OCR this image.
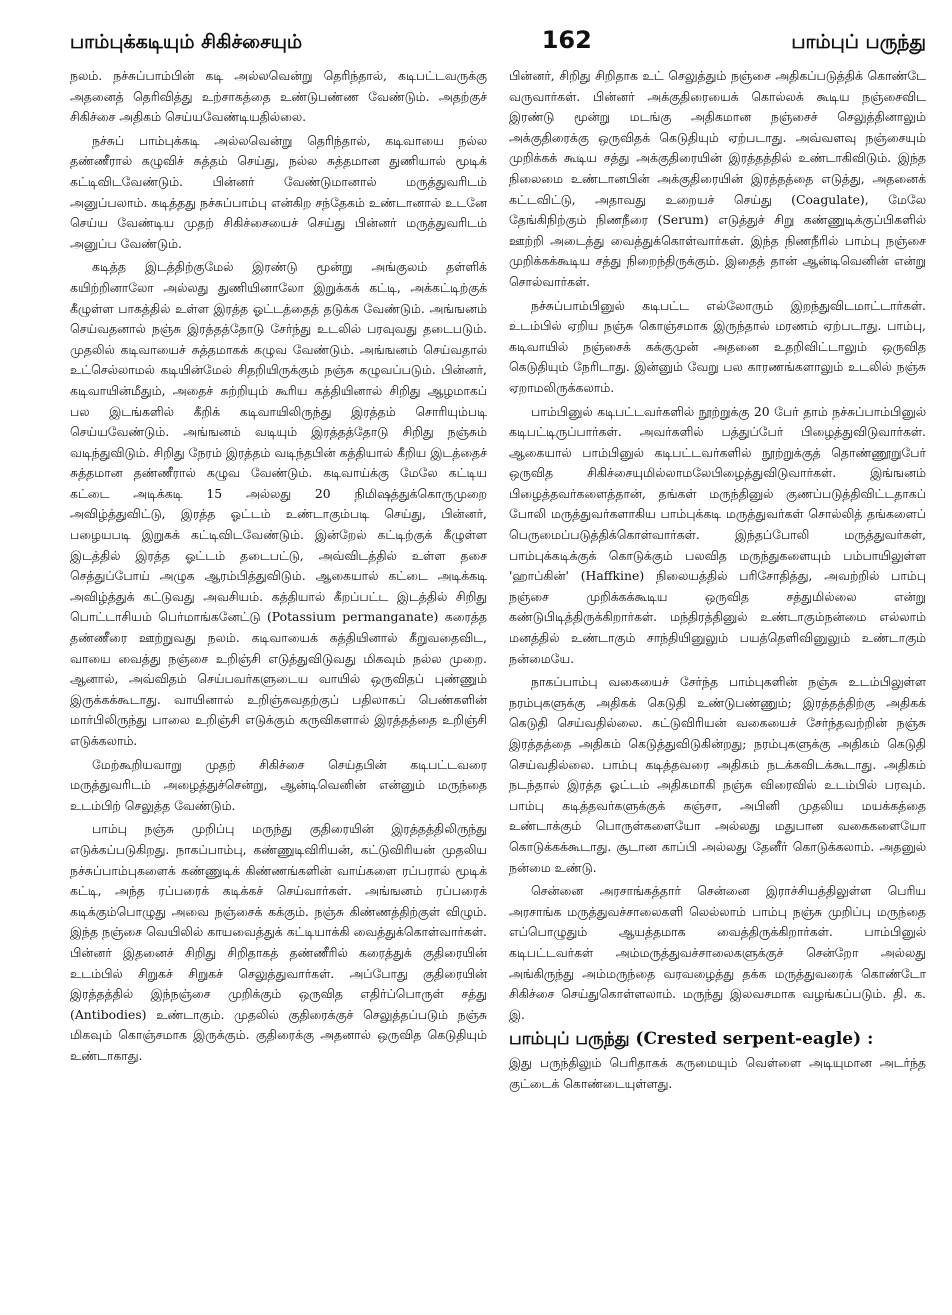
பாம்புக்கடியும் சிகிச்சையும்	162	பாம்புப் பருந்து

நலம். நச்சுப்பாம்பின் கடி அல்லவென்று தெரிந்தால், கடிபட்டவருக்கு அதனைத் தெரிவித்து உற்சாகத்தை உண்டுபண்ண வேண்டும். அதற்குச் சிகிச்சை அதிகம் செய்யவேண்டியதில்லை.

நச்சுப் பாம்புக்கடி அல்லவென்று தெரிந்தால், கடிவாயை நல்ல தண்ணீரால் கழுவிச் சுத்தம் செய்து, நல்ல சுத்தமான துணியால் மூடிக் கட்டிவிடவேண்டும். பின்னர் வேண்டுமானால் மருத்துவரிடம் அனுப்பலாம். கடித்தது நச்சுப்பாம்பு என்கிற சந்தேகம் உண்டானால் உடனே செய்ய வேண்டிய முதற் சிகிச்சையைச் செய்து பின்னர் மருத்துவரிடம் அனுப்ப வேண்டும்.

கடித்த இடத்திற்குமேல் இரண்டு மூன்று அங்குலம் தள்ளிக் கயிற்றினாலோ அல்லது துணியினாலோ இறுக்கக் கட்டி, அக்கட்டிற்குக் கீழுள்ள பாகத்தில் உள்ள இரத்த ஓட்டத்தைத் தடுக்க வேண்டும். அங்ஙனம் செய்வதனால் நஞ்சு இரத்தத்தோடு சேர்ந்து உடலில் பரவுவது தடைபடும். முதலில் கடிவாயைச் சுத்தமாகக் கழுவ வேண்டும். அங்ஙனம் செய்வதால் உட்செல்லாமல் கடியின்மேல் சிதறியிருக்கும் நஞ்சு கழுவப்படும். பின்னர், கடிவாயின்மீதும், அதைச் சுற்றியும் கூரிய கத்தியினால் சிறிது ஆழமாகப் பல இடங்களில் கீறிக் கடிவாயிலிருந்து இரத்தம் சொரியும்படி செய்யவேண்டும். அங்ஙனம் வடியும் இரத்தத்தோடு சிறிது நஞ்சும் வடிந்துவிடும். சிறிது நேரம் இரத்தம் வடிந்தபின் கத்தியால் கீறிய இடத்தைச் சுத்தமான தண்ணீரால் கழுவ வேண்டும். கடிவாய்க்கு மேலே கட்டிய கட்டை அடிக்கடி 15 அல்லது 20 நிமிஷத்துக்கொருமுறை அவிழ்த்துவிட்டு, இரத்த ஓட்டம் உண்டாகும்படி செய்து, பின்னர், பழையபடி இறுகக் கட்டிவிடவேண்டும். இன்றேல் கட்டிற்குக் கீழுள்ள இடத்தில் இரத்த ஓட்டம் தடைபட்டு, அவ்விடத்தில் உள்ள தசை செத்துப்போய் அழுக ஆரம்பித்துவிடும். ஆகையால் கட்டை அடிக்கடி அவிழ்த்துக் கட்டுவது அவசியம். கத்தியால் கீறப்பட்ட இடத்தில் சிறிது பொட்டாசியம் பெர்மாங்கனேட்டு (Potassium permanganate) கரைத்த தண்ணீரை ஊற்றுவது நலம். கடிவாயைக் கத்தியினால் கீறுவதைவிட, வாயை வைத்து நஞ்சை உறிஞ்சி எடுத்துவிடுவது மிகவும் நல்ல முறை. ஆனால், அவ்விதம் செய்பவர்களுடைய வாயில் ஒருவிதப் புண்ணும் இருக்கக்கூடாது. வாயினால் உறிஞ்சுவதற்குப் பதிலாகப் பெண்களின் மார்பிலிருந்து பாலை உறிஞ்சி எடுக்கும் கருவிகளால் இரத்தத்தை உறிஞ்சி எடுக்கலாம்.

மேற்கூறியவாறு முதற் சிகிச்சை செய்தபின் கடிபட்டவரை மருத்துவரிடம் அழைத்துச்சென்று, ஆன்டிவெனின் என்னும் மருந்தை உடம்பிற் செலுத்த வேண்டும்.

பாம்பு நஞ்சு முறிப்பு மருந்து குதிரையின் இரத்தத்திலிருந்து எடுக்கப்படுகிறது. நாகப்பாம்பு, கண்ணுடிவிரியன், கட்டுவிரியன் முதலிய நச்சுப்பாம்புகளைக் கண்ணுடிக் கிண்ணங்களின் வாய்களை ரப்பரால் மூடிக் கட்டி, அந்த ரப்பரைக் கடிக்கச் செய்வார்கள். அங்ஙனம் ரப்பரைக் கடிக்கும்பொழுது அவை நஞ்சைக் கக்கும். நஞ்சு கிண்ணத்திற்குள் விழும். இந்த நஞ்சை வெயிலில் காயவைத்துக் கட்டியாக்கி வைத்துக்கொள்வார்கள். பின்னர் இதனைச் சிறிது சிறிதாகத் தண்ணீரில் கரைத்துக் குதிரையின் உடம்பில் சிறுகச் சிறுகச் செலுத்துவார்கள். அப்போது குதிரையின் இரத்தத்தில் இந்நஞ்சை முறிக்கும் ஒருவித எதிர்ப்பொருள் சத்து (Antibodies) உண்டாகும். முதலில் குதிரைக்குச் செலுத்தப்படும் நஞ்சு மிகவும் கொஞ்சமாக இருக்கும். குதிரைக்கு அதனால் ஒருவித கெடுதியும் உண்டாகாது.

பின்னர், சிறிது சிறிதாக உட் செலுத்தும் நஞ்சை அதிகப்படுத்திக் கொண்டே வருவார்கள். பின்னர் அக்குதிரையைக் கொல்லக் கூடிய நஞ்சைவிட இரண்டு மூன்று மடங்கு அதிகமான நஞ்சைச் செலுத்தினாலும் அக்குதிரைக்கு ஒருவிதக் கெடுதியும் ஏற்படாது. அவ்வளவு நஞ்சையும் முறிக்கக் கூடிய சத்து அக்குதிரையின் இரத்தத்தில் உண்டாகிவிடும். இந்த நிலைமை உண்டானபின் அக்குதிரையின் இரத்தத்தை எடுத்து, அதனைக் கட்டவிட்டு, அதாவது உறையச் செய்து (Coagulate), மேலே தேங்கிநிற்கும் நிணநீரை (Serum) எடுத்துச் சிறு கண்ணுடிக்குப்பிகளில் ஊற்றி அடைத்து வைத்துக்கொள்வார்கள். இந்த நிணநீரில் பாம்பு நஞ்சை முறிக்கக்கூடிய சத்து நிறைந்திருக்கும். இதைத் தான் ஆன்டிவெனின் என்று சொல்வார்கள்.

நச்சுப்பாம்பினுல் கடிபட்ட எல்லோரும் இறந்துவிடமாட்டார்கள். உடம்பில் ஏறிய நஞ்சு கொஞ்சமாக இருந்தால் மரணம் ஏற்படாது. பாம்பு, கடிவாயில் நஞ்சைக் கக்குமுன் அதனை உதறிவிட்டாலும் ஒருவித கெடுதியும் நேரிடாது. இன்னும் வேறு பல காரணங்களாலும் உடலில் நஞ்சு ஏறாமலிருக்கலாம்.

பாம்பினுல் கடிபட்டவர்களில் நூற்றுக்கு 20 பேர் தாம் நச்சுப்பாம்பினுல் கடிபட்டிருப்பார்கள். அவர்களில் பத்துப்பேர் பிழைத்துவிடுவார்கள். ஆகையால் பாம்பினுல் கடிபட்டவர்களில் நூற்றுக்குத் தொண்ணூறுபேர் ஒருவித சிகிச்சையுமில்லாமலேபிழைத்துவிடுவார்கள். இங்ஙனம் பிழைத்தவர்களைத்தான், தங்கள் மருந்தினுல் குணப்படுத்திவிட்டதாகப் போலி மருத்துவர்களாகிய பாம்புக்கடி மருத்துவர்கள் சொல்லித் தங்களைப் பெருமைப்படுத்திக்கொள்வார்கள். இந்தப்போலி மருத்துவர்கள், பாம்புக்கடிக்குக் கொடுக்கும் பலவித மருந்துகளையும் பம்பாயிலுள்ள 'ஹாப்கின்' (Haffkine) நிலையத்தில் பரிசோதித்து, அவற்றில் பாம்பு நஞ்சை முறிக்கக்கூடிய ஒருவித சத்துமில்லை என்று கண்டுபிடித்திருக்கிறார்கள். மந்திரத்தினுல் உண்டாகும்நன்மை எல்லாம் மனத்தில் உண்டாகும் சாந்தியினுலும் பயத்தெளிவினுலும் உண்டாகும் நன்மையே.

நாகப்பாம்பு வகையைச் சேர்ந்த பாம்புகளின் நஞ்சு உடம்பிலுள்ள நரம்புகளுக்கு அதிகக் கெடுதி உண்டுபண்ணும்; இரத்தத்திற்கு அதிகக் கெடுதி செய்வதில்லை. கட்டுவிரியன் வகையைச் சேர்ந்தவற்றின் நஞ்சு இரத்தத்தை அதிகம் கெடுத்துவிடுகின்றது; நரம்புகளுக்கு அதிகம் கெடுதி செய்வதில்லை. பாம்பு கடித்தவரை அதிகம் நடக்கவிடக்கூடாது. அதிகம் நடந்தால் இரத்த ஓட்டம் அதிகமாகி நஞ்சு விரைவில் உடம்பில் பரவும். பாம்பு கடித்தவர்களுக்குக் கஞ்சா, அபினி முதலிய மயக்கத்தை உண்டாக்கும் பொருள்களையோ அல்லது மதுபான வகைகளையோ கொடுக்கக்கூடாது. சூடான காப்பி அல்லது தேனீர் கொடுக்கலாம். அதனுல் நன்மை உண்டு.

சென்னை அரசாங்கத்தார் சென்னை இராச்சியத்திலுள்ள பெரிய அரசாங்க மருத்துவச்சாலைகளி லெல்லாம் பாம்பு நஞ்சு முறிப்பு மருந்தை எப்பொழுதும் ஆயத்தமாக வைத்திருக்கிறார்கள். பாம்பினுல் கடிபட்டவர்கள் அம்மருத்துவச்சாலைகளுக்குச் சென்றோ அல்லது அங்கிருந்து அம்மருந்தை வரவழைத்து தக்க மருத்துவரைக் கொண்டோ சிகிச்சை செய்துகொள்ளலாம். மருந்து இலவசமாக வழங்கப்படும். தி. க. இ.

பாம்புப் பருந்து (Crested serpent-eagle) :

இது பருந்திலும் பெரிதாகக் கருமையும் வெள்ளை அடியுமான அடர்ந்த குட்டைக் கொண்டையுள்ளது.
